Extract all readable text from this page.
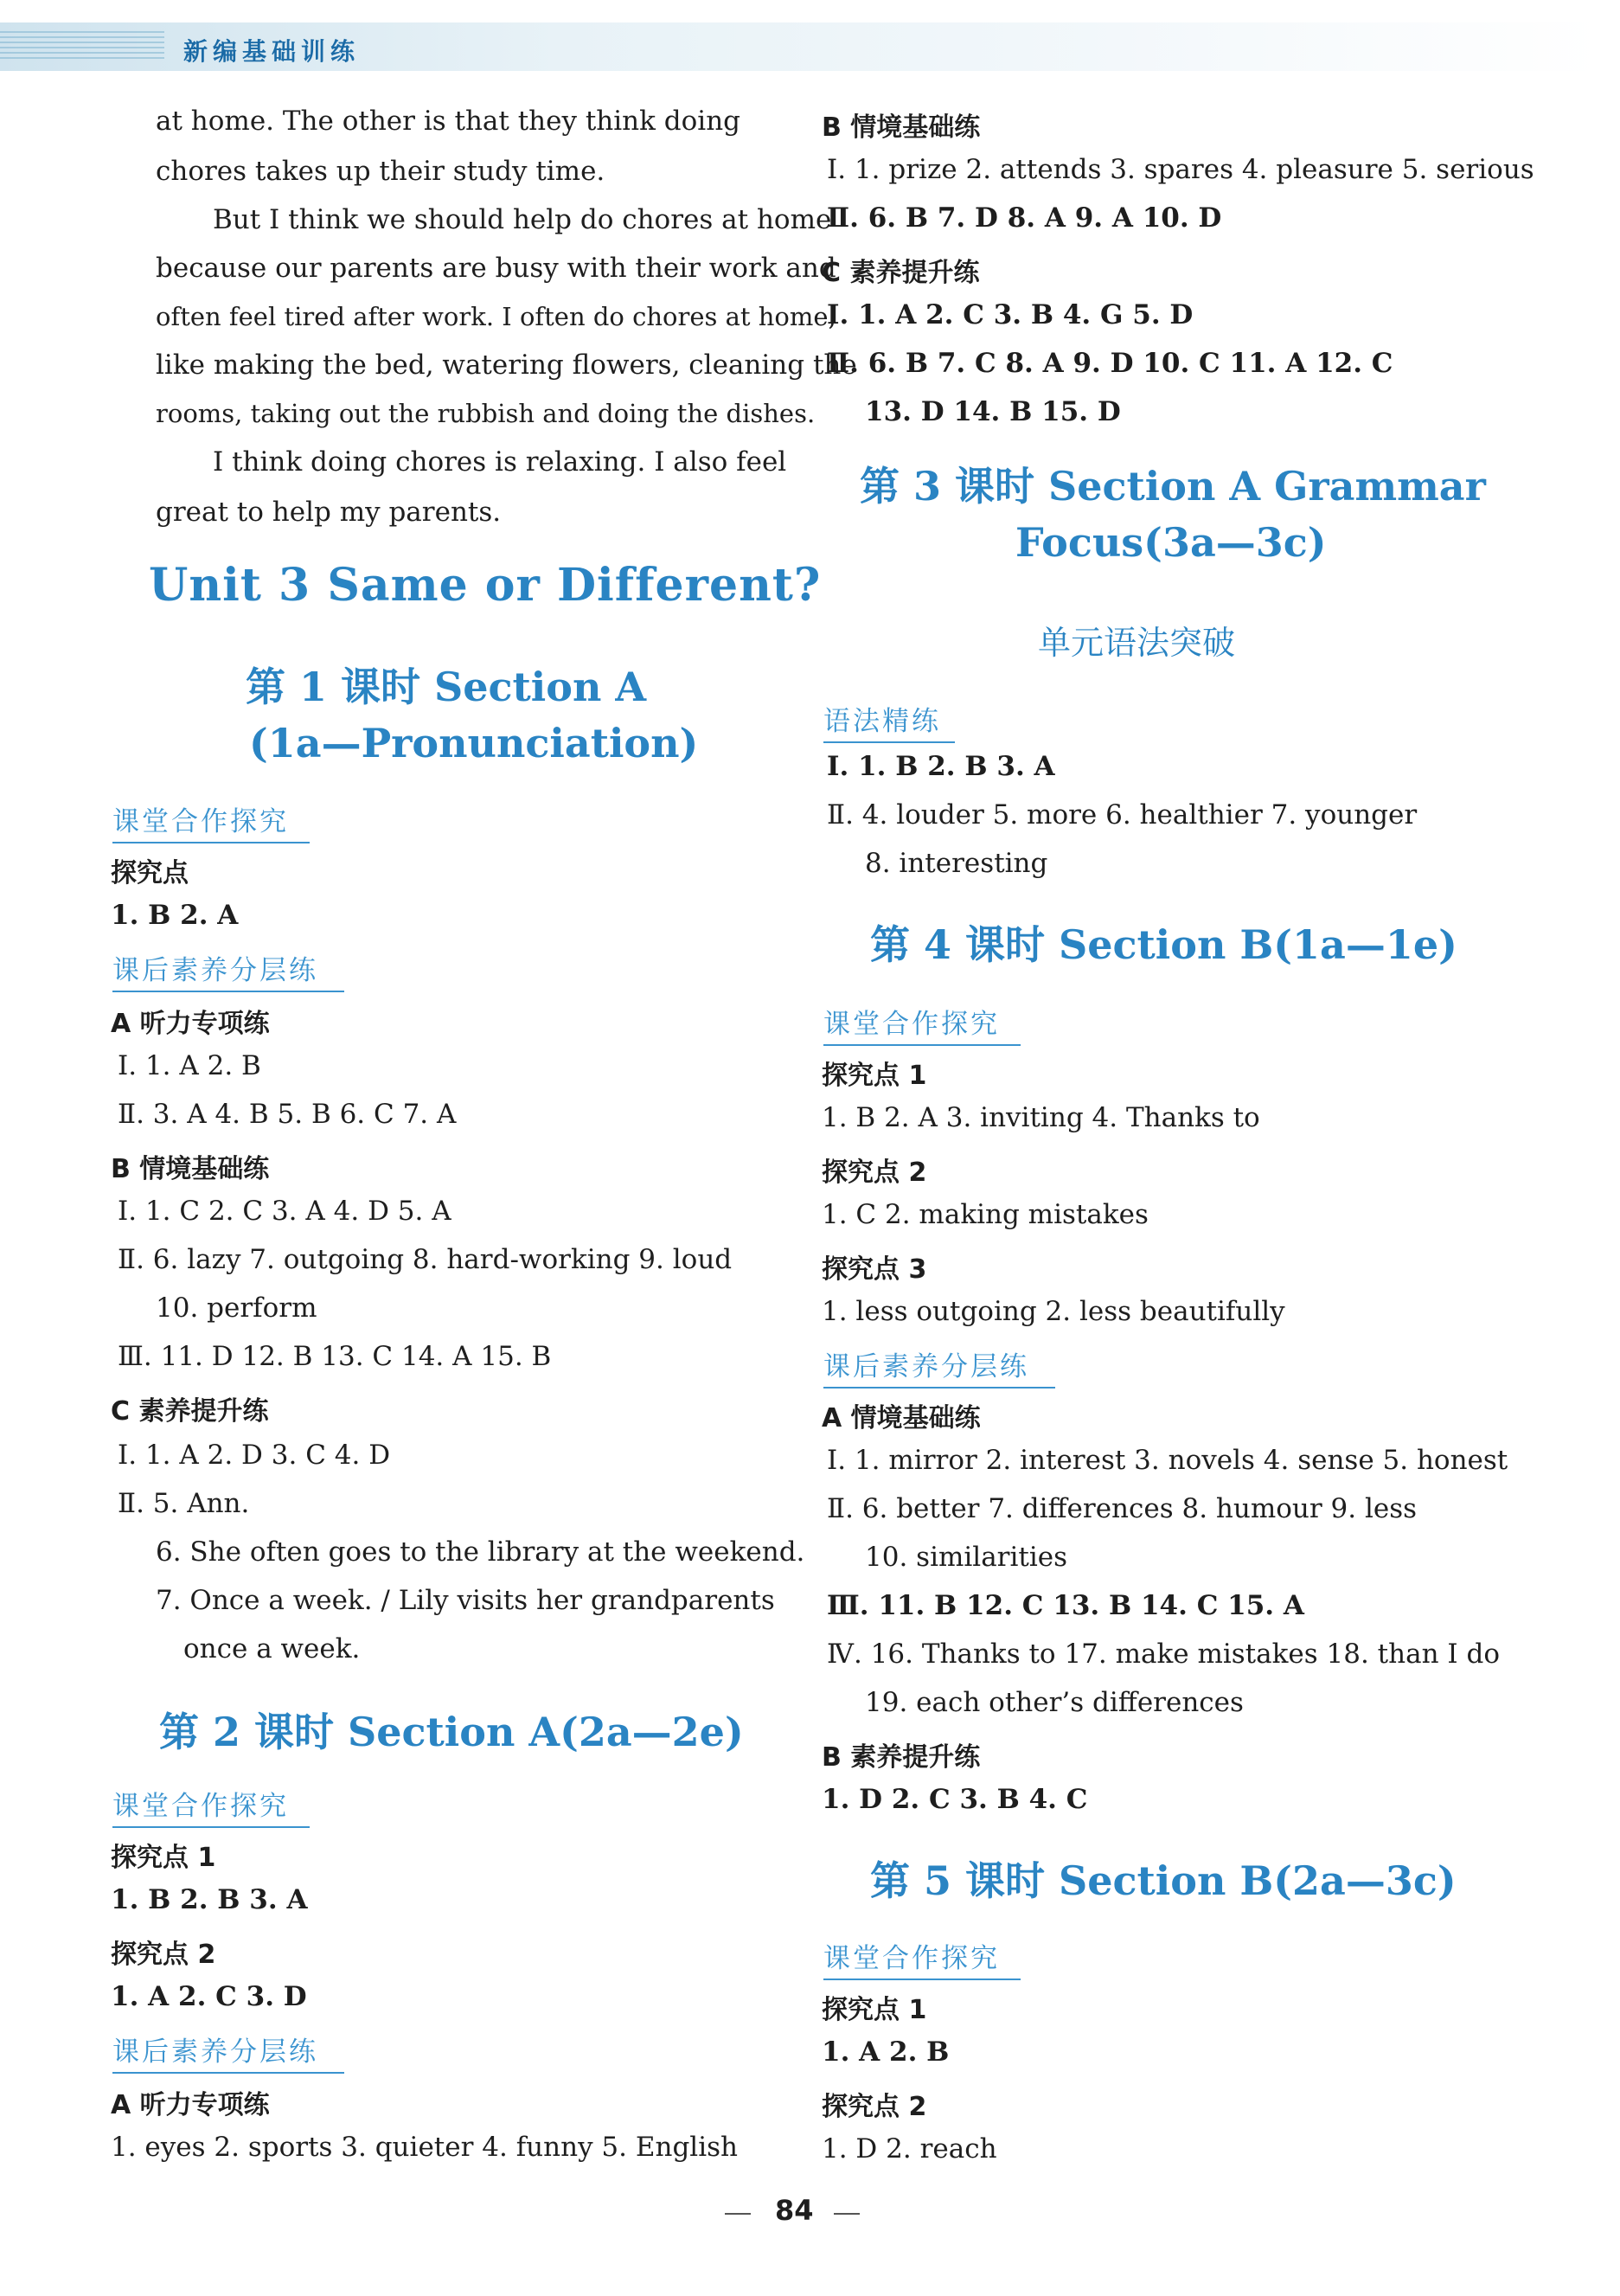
新编基础训练
at home. The other is that they think doing
chores takes up their study time.
But I think we should help do chores at home
because our parents are busy with their work and
often feel tired after work. I often do chores at home,
like making the bed, watering flowers, cleaning the
rooms, taking out the rubbish and doing the dishes.
I think doing chores is relaxing. I also feel
great to help my parents.
Unit 3 Same or Different?
第 1 课时 Section A
(1a—Pronunciation)
课堂合作探究
探究点
1. B 2. A
课后素养分层练
A 听力专项练
Ⅰ. 1. A 2. B
Ⅱ. 3. A 4. B 5. B 6. C 7. A
B 情境基础练
Ⅰ. 1. C 2. C 3. A 4. D 5. A
Ⅱ. 6. lazy 7. outgoing 8. hard-working 9. loud
10. perform
Ⅲ. 11. D 12. B 13. C 14. A 15. B
C 素养提升练
Ⅰ. 1. A 2. D 3. C 4. D
Ⅱ. 5. Ann.
6. She often goes to the library at the weekend.
7. Once a week. / Lily visits her grandparents
once a week.
第 2 课时 Section A(2a—2e)
课堂合作探究
探究点 1
1. B 2. B 3. A
探究点 2
1. A 2. C 3. D
课后素养分层练
A 听力专项练
1. eyes 2. sports 3. quieter 4. funny 5. English
B 情境基础练
Ⅰ. 1. prize 2. attends 3. spares 4. pleasure 5. serious
Ⅱ. 6. B 7. D 8. A 9. A 10. D
C 素养提升练
Ⅰ. 1. A 2. C 3. B 4. G 5. D
Ⅱ. 6. B 7. C 8. A 9. D 10. C 11. A 12. C
13. D 14. B 15. D
第 3 课时 Section A Grammar
Focus(3a—3c)
单元语法突破
语法精练
Ⅰ. 1. B 2. B 3. A
Ⅱ. 4. louder 5. more 6. healthier 7. younger
8. interesting
第 4 课时 Section B(1a—1e)
课堂合作探究
探究点 1
1. B 2. A 3. inviting 4. Thanks to
探究点 2
1. C 2. making mistakes
探究点 3
1. less outgoing 2. less beautifully
课后素养分层练
A 情境基础练
Ⅰ. 1. mirror 2. interest 3. novels 4. sense 5. honest
Ⅱ. 6. better 7. differences 8. humour 9. less
10. similarities
Ⅲ. 11. B 12. C 13. B 14. C 15. A
Ⅳ. 16. Thanks to 17. make mistakes 18. than I do
19. each other’s differences
B 素养提升练
1. D 2. C 3. B 4. C
第 5 课时 Section B(2a—3c)
课堂合作探究
探究点 1
1. A 2. B
探究点 2
1. D 2. reach
84
